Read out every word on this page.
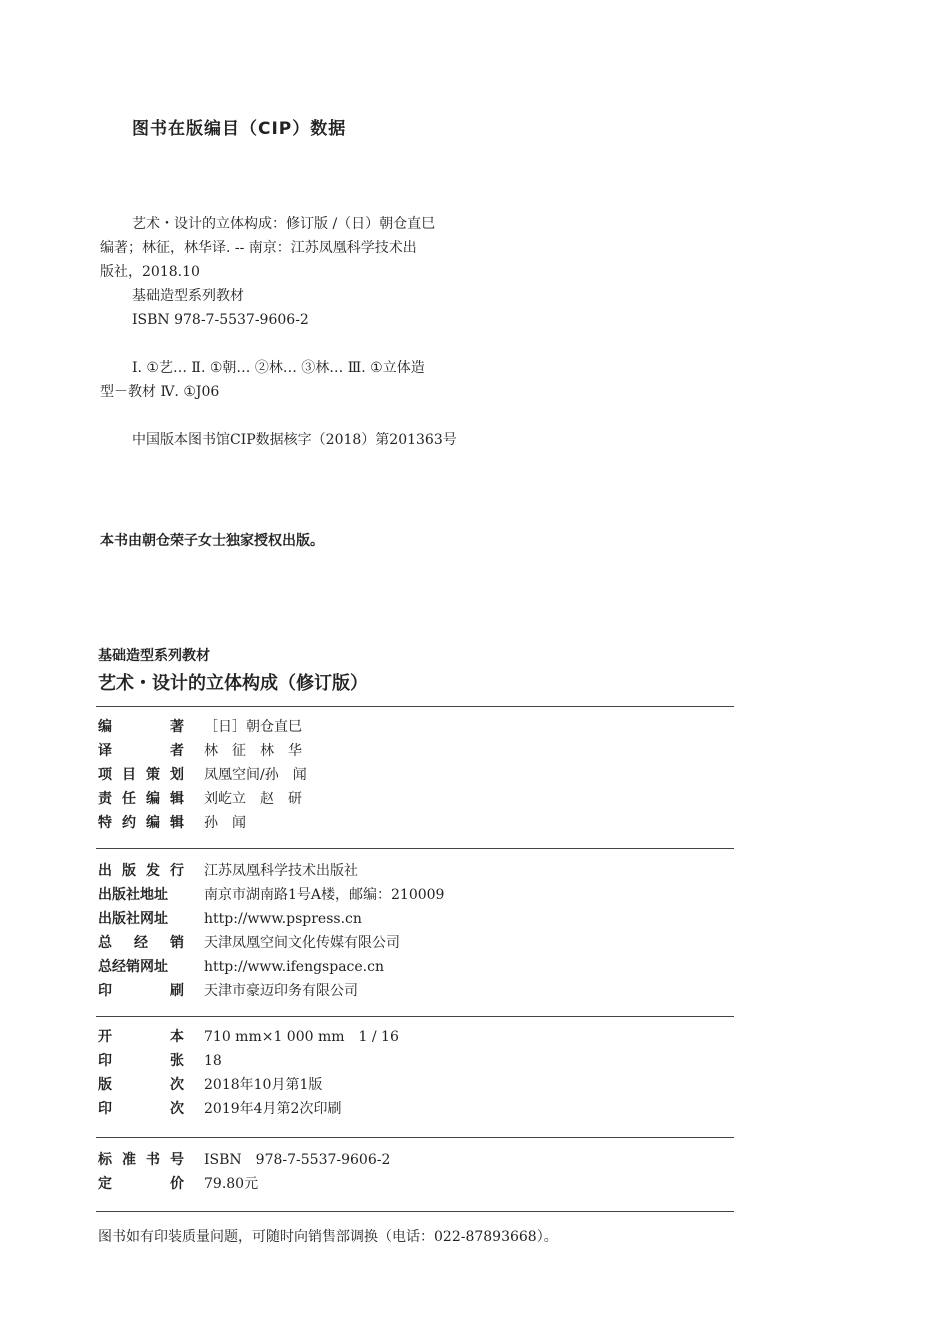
图书在版编目（CIP）数据
艺术・设计的立体构成：修订版 /（日）朝仓直巳
编著；林征，林华译. -- 南京：江苏凤凰科学技术出
版社，2018.10
基础造型系列教材
ISBN 978-7-5537-9606-2
Ⅰ. ①艺… Ⅱ. ①朝… ②林… ③林… Ⅲ. ①立体造
型－教材 Ⅳ. ①J06
中国版本图书馆CIP数据核字（2018）第201363号
本书由朝仓荣子女士独家授权出版。
基础造型系列教材
艺术・设计的立体构成（修订版）
编	著	［日］朝仓直巳
译	者	林　征　林　华
项 目 策 划	凤凰空间/孙　闻
责 任 编 辑	刘屹立　赵　研
特 约 编 辑	孙　闻
出 版 发 行	江苏凤凰科学技术出版社
出 版 社 地 址	南京市湖南路1号A楼，邮编：210009
出 版 社 网 址	http://www.pspress.cn
总 经 销	天津凤凰空间文化传媒有限公司
总 经 销 网 址	http://www.ifengspace.cn
印	刷	天津市豪迈印务有限公司
开	本	710 mm×1 000 mm　1 / 16
印	张	18
版	次	2018年10月第1版
印	次	2019年4月第2次印刷
标 准 书 号	ISBN　978-7-5537-9606-2
定	价	79.80元
图书如有印装质量问题，可随时向销售部调换（电话：022-87893668）。
